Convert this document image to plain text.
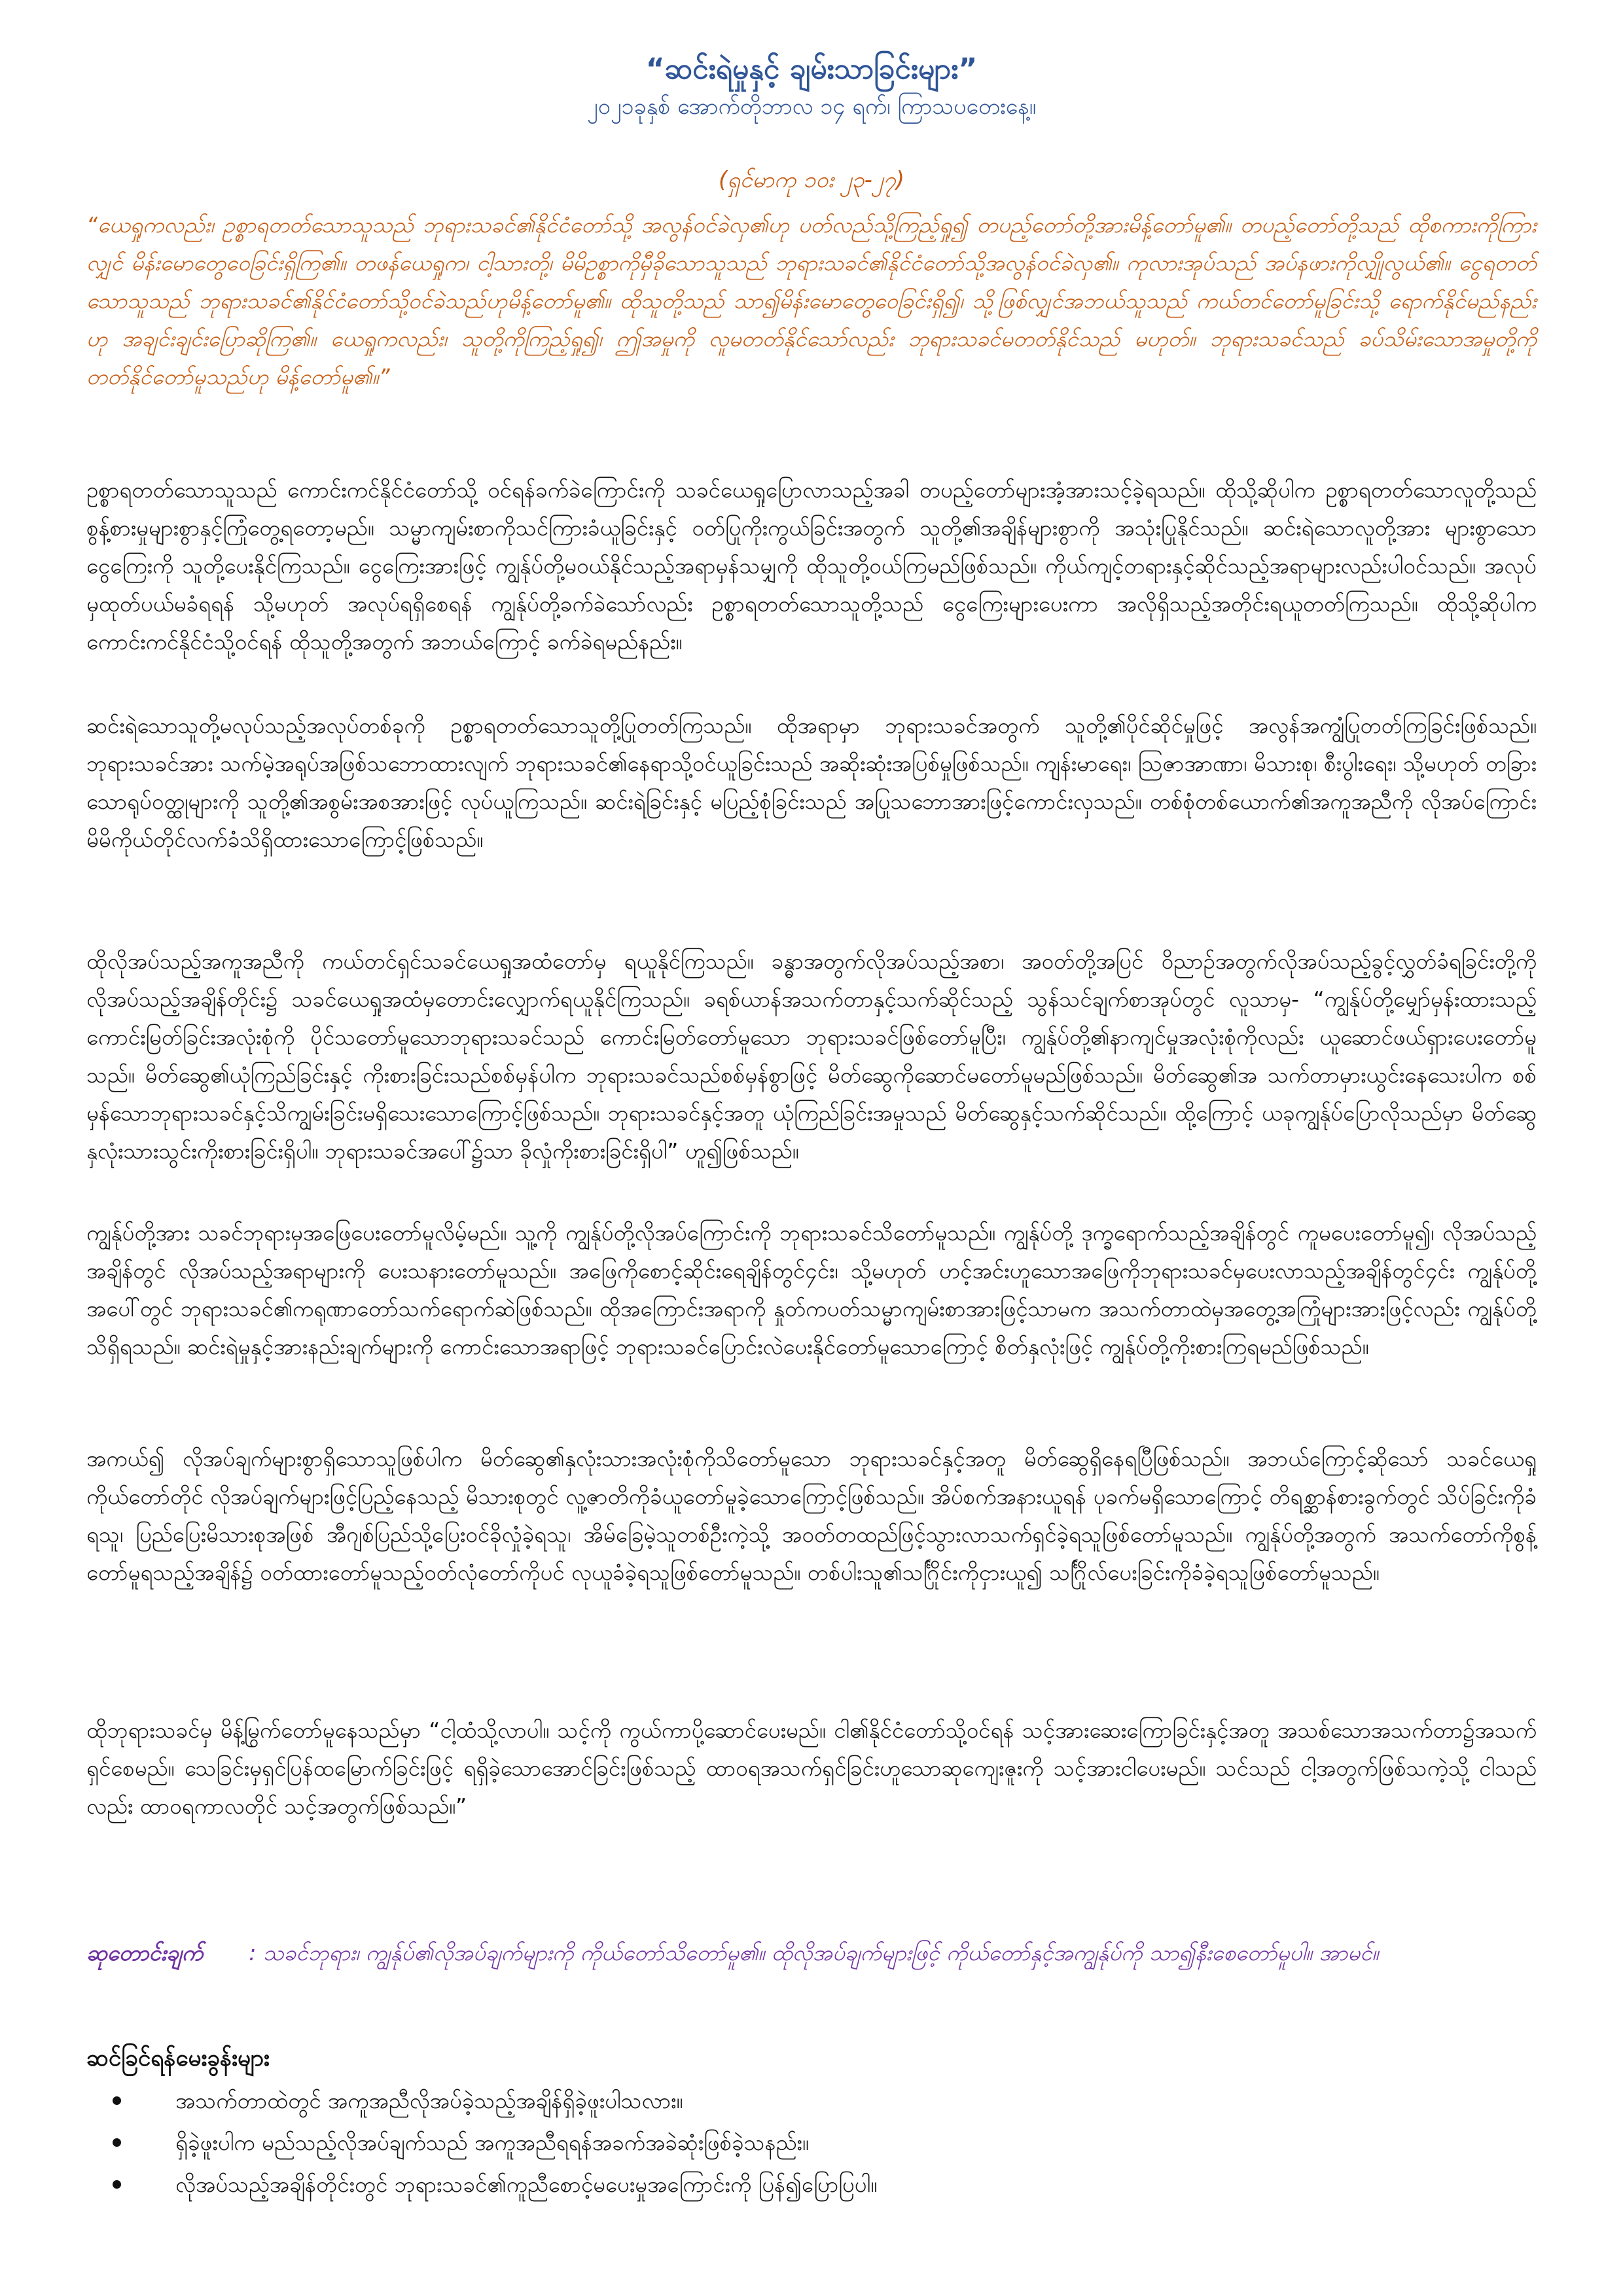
“ဆင်းရဲမှုနှင့် ချမ်းသာခြင်းများ”
၂၀၂၁ခုနှစ် အောက်တိုဘာလ ၁၄ ရက်၊ ကြာသပတေးနေ့။
(ရှင်မာကု ၁၀း ၂၃-၂၇)

“ယေရှုကလည်း၊ ဥစ္စာရတတ်သောသူသည် ဘုရားသခင်၏နိုင်ငံတော်သို့ အလွန်ဝင်ခဲလှ၏ဟု ပတ်လည်သို့ကြည့်ရှု၍ တပည့်တော်တို့အားမိန့်တော်မူ၏။ တပည့်တော်တို့သည် ထိုစကားကိုကြားလျှင် မိန်းမောတွေဝေခြင်းရှိကြ၏။ တဖန်ယေရှုက၊ ငါ့သားတို့၊ မိမိဥစ္စာကိုမှီခိုသောသူသည် ဘုရားသခင်၏နိုင်ငံတော်သို့အလွန်ဝင်ခဲလှ၏။ ကုလားအုပ်သည် အပ်နဖားကိုလျှိုလွယ်၏။ ငွေရတတ်သောသူသည် ဘုရားသခင်၏နိုင်ငံတော်သို့ဝင်ခဲသည်ဟုမိန့်တော်မူ၏။ ထိုသူတို့သည် သာ၍မိန်းမောတွေဝေခြင်းရှိ၍၊ သို့ဖြစ်လျှင်အဘယ်သူသည် ကယ်တင်တော်မူခြင်းသို့ ရောက်နိုင်မည်နည်းဟု အချင်းချင်းပြောဆိုကြ၏။ ယေရှုကလည်း၊ သူတို့ကိုကြည့်ရှု၍၊ ဤအမှုကို လူမတတ်နိုင်သော်လည်း ဘုရားသခင်မတတ်နိုင်သည် မဟုတ်။ ဘုရားသခင်သည် ခပ်သိမ်းသောအမှုတို့ကို တတ်နိုင်တော်မူသည်ဟု မိန့်တော်မူ၏။”

ဥစ္စာရတတ်သောသူသည် ကောင်းကင်နိုင်ငံတော်သို့ ဝင်ရန်ခက်ခဲကြောင်းကို သခင်ယေရှုပြောလာသည့်အခါ တပည့်တော်များအံ့အားသင့်ခဲ့ရသည်။ ထိုသို့ဆိုပါက ဥစ္စာရတတ်သောလူတို့သည် စွန့်စားမှုများစွာနှင့်ကြုံတွေ့ရတော့မည်။ သမ္မာကျမ်းစာကိုသင်ကြားခံယူခြင်းနှင့် ဝတ်ပြုကိုးကွယ်ခြင်းအတွက် သူတို့၏အချိန်များစွာကို အသုံးပြုနိုင်သည်။ ဆင်းရဲသောလူတို့အား များစွာသောငွေကြေးကို သူတို့ပေးနိုင်ကြသည်။ ငွေကြေးအားဖြင့် ကျွန်ုပ်တို့မဝယ်နိုင်သည့်အရာမှန်သမျှကို ထိုသူတို့ဝယ်ကြမည်ဖြစ်သည်။ ကိုယ်ကျင့်တရားနှင့်ဆိုင်သည့်အရာများလည်းပါဝင်သည်။ အလုပ်မှထုတ်ပယ်မခံရရန် သို့မဟုတ် အလုပ်ရရှိစေရန် ကျွန်ုပ်တို့ခက်ခဲသော်လည်း ဥစ္စာရတတ်သောသူတို့သည် ငွေကြေးများပေးကာ အလိုရှိသည့်အတိုင်းရယူတတ်ကြသည်။ ထိုသို့ဆိုပါက ကောင်းကင်နိုင်ငံသို့ဝင်ရန် ထိုသူတို့အတွက် အဘယ်ကြောင့် ခက်ခဲရမည်နည်း။

ဆင်းရဲသောသူတို့မလုပ်သည့်အလုပ်တစ်ခုကို ဥစ္စာရတတ်သောသူတို့ပြုတတ်ကြသည်။ ထိုအရာမှာ ဘုရားသခင်အတွက် သူတို့၏ပိုင်ဆိုင်မှုဖြင့် အလွန်အကျွံပြုတတ်ကြခြင်းဖြစ်သည်။ ဘုရားသခင်အား သက်မဲ့အရုပ်အဖြစ်သဘောထားလျက် ဘုရားသခင်၏နေရာသို့ဝင်ယူခြင်းသည် အဆိုးဆုံးအပြစ်မှုဖြစ်သည်။ ကျန်းမာရေး၊ ဩဇာအာဏာ၊ မိသားစု၊ စီးပွါးရေး၊ သို့မဟုတ် တခြားသောရုပ်ဝတ္ထုများကို သူတို့၏အစွမ်းအစအားဖြင့် လုပ်ယူကြသည်။ ဆင်းရဲခြင်းနှင့် မပြည့်စုံခြင်းသည် အပြုသဘောအားဖြင့်ကောင်းလှသည်။ တစ်စုံတစ်ယောက်၏အကူအညီကို လိုအပ်ကြောင်း မိမိကိုယ်တိုင်လက်ခံသိရှိထားသောကြောင့်ဖြစ်သည်။

ထိုလိုအပ်သည့်အကူအညီကို ကယ်တင်ရှင်သခင်ယေရှုအထံတော်မှ ရယူနိုင်ကြသည်။ ခန္ဓာအတွက်လိုအပ်သည့်အစာ၊ အဝတ်တို့အပြင် ဝိညာဉ်အတွက်လိုအပ်သည့်ခွင့်လွှတ်ခံရခြင်းတို့ကို လိုအပ်သည့်အချိန်တိုင်း၌ သခင်ယေရှုအထံမှတောင်းလျှောက်ရယူနိုင်ကြသည်။ ခရစ်ယာန်အသက်တာနှင့်သက်ဆိုင်သည့် သွန်သင်ချက်စာအုပ်တွင် လူသာမှ- “ကျွန်ုပ်တို့မျှော်မှန်းထားသည့်ကောင်းမြတ်ခြင်းအလုံးစုံကို ပိုင်သတော်မူသောဘုရားသခင်သည် ကောင်းမြတ်တော်မူသော ဘုရားသခင်ဖြစ်တော်မူပြီး၊ ကျွန်ုပ်တို့၏နာကျင်မှုအလုံးစုံကိုလည်း ယူဆောင်ဖယ်ရှားပေးတော်မူသည်။ မိတ်ဆွေ၏ယုံကြည်ခြင်းနှင့် ကိုးစားခြင်းသည်စစ်မှန်ပါက ဘုရားသခင်သည်စစ်မှန်စွာဖြင့် မိတ်ဆွေကိုဆောင်မတော်မူမည်ဖြစ်သည်။ မိတ်ဆွေ၏အ သက်တာမှားယွင်းနေသေးပါက စစ်မှန်သောဘုရားသခင်နှင့်သိကျွမ်းခြင်းမရှိသေးသောကြောင့်ဖြစ်သည်။ ဘုရားသခင်နှင့်အတူ ယုံကြည်ခြင်းအမှုသည် မိတ်ဆွေနှင့်သက်ဆိုင်သည်။ ထို့ကြောင့် ယခုကျွန်ုပ်ပြောလိုသည်မှာ မိတ်ဆွေနှလုံးသားသွင်းကိုးစားခြင်းရှိပါ။ ဘုရားသခင်အပေါ်၌သာ ခိုလှုံကိုးစားခြင်းရှိပါ” ဟူ၍ဖြစ်သည်။

ကျွန်ုပ်တို့အား သခင်ဘုရားမှအဖြေပေးတော်မူလိမ့်မည်။ သူ့ကို ကျွန်ုပ်တို့လိုအပ်ကြောင်းကို ဘုရားသခင်သိတော်မူသည်။ ကျွန်ုပ်တို့ ဒုက္ခရောက်သည့်အချိန်တွင် ကူမပေးတော်မူ၍၊ လိုအပ်သည့်အချိန်တွင် လိုအပ်သည့်အရာများကို ပေးသနားတော်မူသည်။ အဖြေကိုစောင့်ဆိုင်းရေချိန်တွင်၄င်း၊ သို့မဟုတ် ဟင့်အင်းဟူသောအဖြေကိုဘုရားသခင်မှပေးလာသည့်အချိန်တွင်၄င်း ကျွန်ုပ်တို့အပေါ်တွင် ဘုရားသခင်၏ကရုဏာတော်သက်ရောက်ဆဲဖြစ်သည်။ ထိုအကြောင်းအရာကို နှုတ်ကပတ်သမ္မာကျမ်းစာအားဖြင့်သာမက အသက်တာထဲမှအတွေ့အကြုံများအားဖြင့်လည်း ကျွန်ုပ်တို့သိရှိရသည်။ ဆင်းရဲမှုနှင့်အားနည်းချက်များကို ကောင်းသောအရာဖြင့် ဘုရားသခင်ပြောင်းလဲပေးနိုင်တော်မူသောကြောင့် စိတ်နှလုံးဖြင့် ကျွန်ုပ်တို့ကိုးစားကြရမည်ဖြစ်သည်။

အကယ်၍ လိုအပ်ချက်များစွာရှိသောသူဖြစ်ပါက မိတ်ဆွေ၏နှလုံးသားအလုံးစုံကိုသိတော်မူသော ဘုရားသခင်နှင့်အတူ မိတ်ဆွေရှိနေရပြီဖြစ်သည်။ အဘယ်ကြောင့်ဆိုသော် သခင်ယေရှုကိုယ်တော်တိုင် လိုအပ်ချက်များဖြင့်ပြည့်နေသည့် မိသားစုတွင် လူ့ဇာတိကိုခံယူတော်မူခဲ့သောကြောင့်ဖြစ်သည်။ အိပ်စက်အနားယူရန် ပုခက်မရှိသောကြောင့် တိရစ္ဆာန်စားခွက်တွင် သိပ်ခြင်းကိုခံရသူ၊ ပြည်ပြေးမိသားစုအဖြစ် အီဂျစ်ပြည်သို့ပြေးဝင်ခိုလှုံခဲ့ရသူ၊ အိမ်ခြေမဲ့သူတစ်ဦးကဲ့သို့ အဝတ်တထည်ဖြင့်သွားလာသက်ရှင်ခဲ့ရသူဖြစ်တော်မူသည်။ ကျွန်ုပ်တို့အတွက် အသက်တော်ကိုစွန့်တော်မူရသည့်အချိန်၌ ဝတ်ထားတော်မူသည့်ဝတ်လုံတော်ကိုပင် လုယူခံခဲ့ရသူဖြစ်တော်မူသည်။ တစ်ပါးသူ၏သင်္ဂြိုင်းကိုငှားယူ၍ သင်္ဂြိုလ်ပေးခြင်းကိုခံခဲ့ရသူဖြစ်တော်မူသည်။

ထိုဘုရားသခင်မှ မိန့်မြွက်တော်မူနေသည်မှာ “ငါ့ထံသို့လာပါ။ သင့်ကို ကွယ်ကာပို့ဆောင်ပေးမည်။ ငါ၏နိုင်ငံတော်သို့ဝင်ရန် သင့်အားဆေးကြောခြင်းနှင့်အတူ အသစ်သောအသက်တာ၌အသက်ရှင်စေမည်။ သေခြင်းမှရှင်ပြန်ထမြောက်ခြင်းဖြင့် ရရှိခဲ့သောအောင်ခြင်းဖြစ်သည့် ထာဝရအသက်ရှင်ခြင်းဟူသောဆုကျေးဇူးကို သင့်အားငါပေးမည်။ သင်သည် ငါ့အတွက်ဖြစ်သကဲ့သို့ ငါသည်လည်း ထာဝရကာလတိုင် သင့်အတွက်ဖြစ်သည်။”

ဆုတောင်းချက် : သခင်ဘုရား၊ ကျွန်ုပ်၏လိုအပ်ချက်များကို ကိုယ်တော်သိတော်မူ၏။ ထိုလိုအပ်ချက်များဖြင့် ကိုယ်တော်နှင့်အကျွန်ုပ်ကို သာ၍နီးစေတော်မူပါ။ အာမင်။

ဆင်ခြင်ရန်မေးခွန်းများ
အသက်တာထဲတွင် အကူအညီလိုအပ်ခဲ့သည့်အချိန်ရှိခဲ့ဖူးပါသလား။
ရှိခဲ့ဖူးပါက မည်သည့်လိုအပ်ချက်သည် အကူအညီရရန်အခက်အခဲဆုံးဖြစ်ခဲ့သနည်း။
လိုအပ်သည့်အချိန်တိုင်းတွင် ဘုရားသခင်၏ကူညီစောင့်မပေးမှုအကြောင်းကို ပြန်၍ပြောပြပါ။
